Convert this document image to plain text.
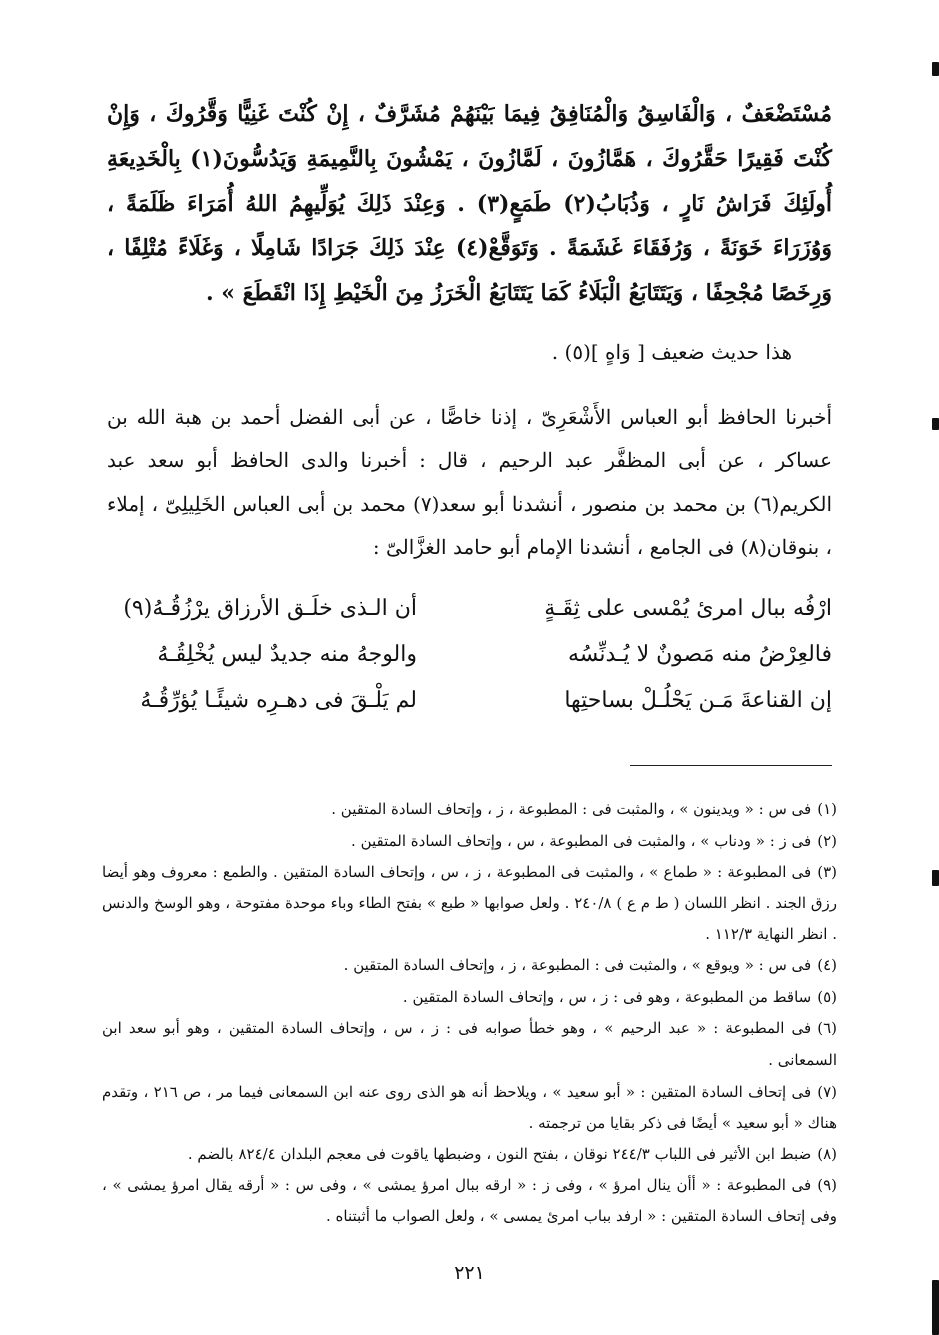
مُسْتَضْعَفٌ ، وَالْفَاسِقُ وَالْمُنَافِقُ فِيمَا بَيْنَهُمْ مُشَرَّفٌ ، إِنْ كُنْتَ غَنِيًّا وَقَّرُوكَ ، وَإِنْ كُنْتَ فَقِيرًا حَقَّرُوكَ ، هَمَّازُونَ ، لَمَّازُونَ ، يَمْشُونَ بِالنَّمِيمَةِ وَيَدُسُّونَ(١) بِالْخَدِيعَةِ أُولَئِكَ فَرَاشُ نَارٍ ، وَذُبَابُ(٢) طَمَعٍ(٣) . وَعِنْدَ ذَلِكَ يُوَلِّيهِمُ اللهُ أُمَرَاءَ ظَلَمَةً ، وَوُزَرَاءَ خَوَنَةً ، وَرُفَقَاءَ غَشَمَةً . وَتَوَقَّعْ(٤) عِنْدَ ذَلِكَ جَرَادًا شَامِلًا ، وَغَلَاءً مُتْلِفًا ، وَرِخَصًا مُجْحِفًا ، وَيَتَتَابَعُ الْبَلَاءُ كَمَا يَتَتَابَعُ الْخَرَزُ مِنَ الْخَيْطِ إِذَا انْقَطَعَ » .

هذا حديث ضعيف [ وَاهٍ ](٥) .

أخبرنا الحافظ أبو العباس الأَشْعَرِىّ ، إذنا خاصًّا ، عن أبى الفضل أحمد بن هبة الله بن عساكر ، عن أبى المظفَّر عبد الرحيم ، قال : أخبرنا والدى الحافظ أبو سعد عبد الكريم(٦) بن محمد بن منصور ، أنشدنا أبو سعد(٧) محمد بن أبى العباس الخَلِيلِىّ ، إملاء ، بنوقان(٨) فى الجامع ، أنشدنا الإمام أبو حامد الغزَّالىّ :

ارْفُه ببال امرئ يُمْسى على ثِقَـةٍ
أن الـذى خلَـق الأرزاق يرْزُقُـهُ(٩)
فالعِرْضُ منه مَصونٌ لا يُـدنِّسُه
والوجهُ منه جديدٌ ليس يُخْلِقُـهُ
إن القناعةَ مَـن يَحْلُـلْ بساحتِها
لم يَلْـقَ فى دهـرِه شيئًـا يُؤرِّقُـهُ

(١)فى س : « ويدينون » ، والمثبت فى : المطبوعة ، ز ، وإتحاف السادة المتقين .

(٢)فى ز : « ودناب » ، والمثبت فى المطبوعة ، س ، وإتحاف السادة المتقين .

(٣)فى المطبوعة : « طماع » ، والمثبت فى المطبوعة ، ز ، س ، وإتحاف السادة المتقين . والطمع : معروف وهو أيضا رزق الجند . انظر اللسان ( ط م ع ) ٢٤٠/٨ . ولعل صوابها « طبع » بفتح الطاء وباء موحدة مفتوحة ، وهو الوسخ والدنس . انظر النهاية ١١٢/٣ .

(٤)فى س : « ويوقع » ، والمثبت فى : المطبوعة ، ز ، وإتحاف السادة المتقين .

(٥)ساقط من المطبوعة ، وهو فى : ز ، س ، وإتحاف السادة المتقين .

(٦)فى المطبوعة : « عبد الرحيم » ، وهو خطأ صوابه فى : ز ، س ، وإتحاف السادة المتقين ، وهو أبو سعد ابن السمعانى .

(٧)فى إتحاف السادة المتقين : « أبو سعيد » ، ويلاحظ أنه هو الذى روى عنه ابن السمعانى فيما مر ، ص ٢١٦ ، وتقدم هناك « أبو سعيد » أيضًا فى ذكر بقايا من ترجمته .

(٨)ضبط ابن الأثير فى اللباب ٢٤٤/٣ نوقان ، بفتح النون ، وضبطها ياقوت فى معجم البلدان ٨٢٤/٤ بالضم .

(٩)فى المطبوعة : « أأن ينال امرؤ » ، وفى ز : « ارقه ببال امرؤ يمشى » ، وفى س : « أرقه يقال امرؤ يمشى » ، وفى إتحاف السادة المتقين : « ارفد بباب امرئ يمسى » ، ولعل الصواب ما أثبتناه .

٢٢١
